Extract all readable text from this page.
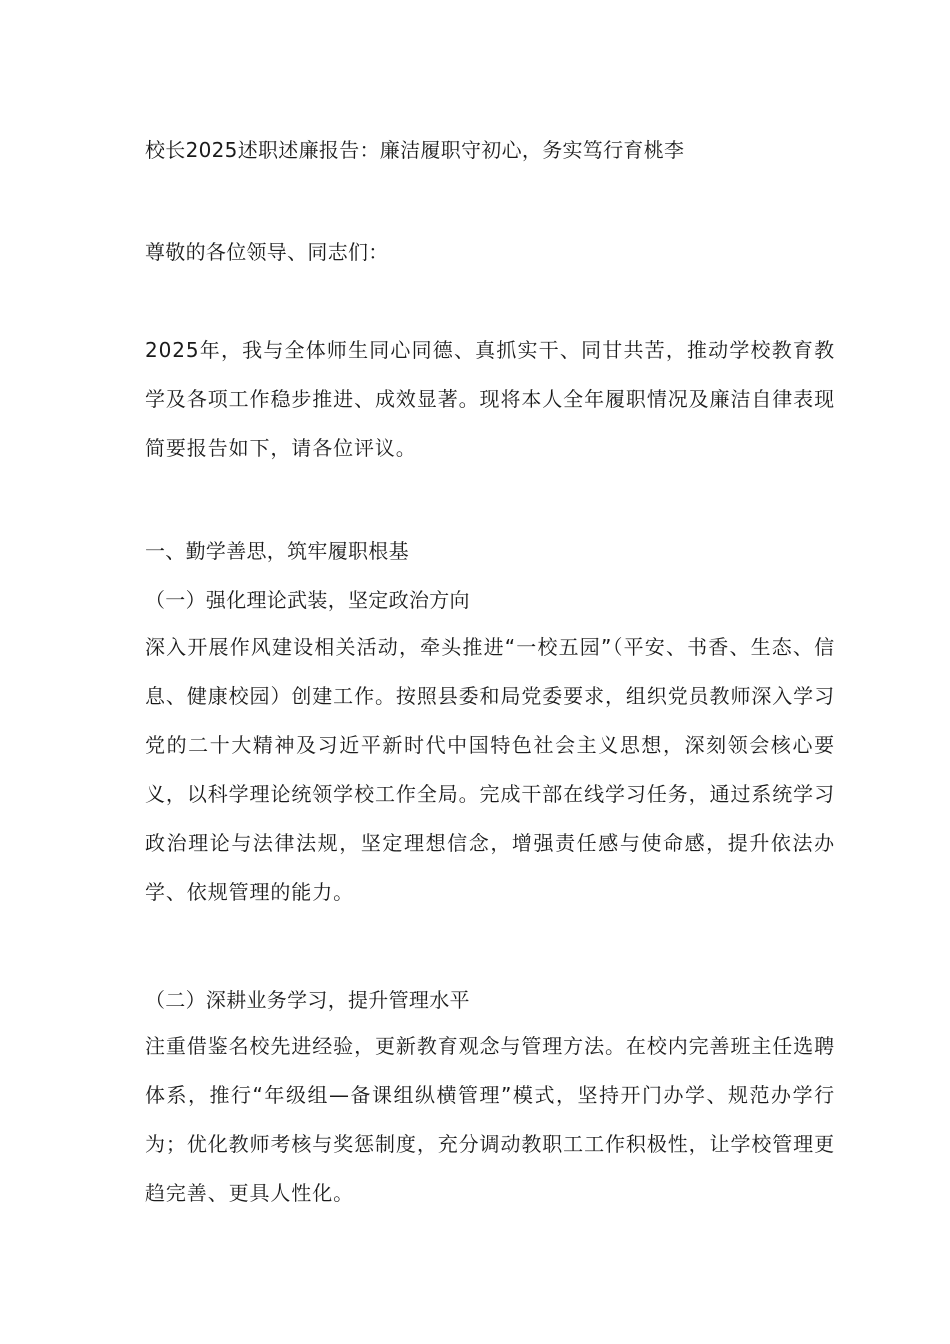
校长2025述职述廉报告：廉洁履职守初心，务实笃行育桃李
尊敬的各位领导、同志们：
2025年，我与全体师生同心同德、真抓实干、同甘共苦，推动学校教育教学及各项工作稳步推进、成效显著。现将本人全年履职情况及廉洁自律表现简要报告如下，请各位评议。
一、勤学善思，筑牢履职根基
（一）强化理论武装，坚定政治方向
深入开展作风建设相关活动，牵头推进“一校五园”（平安、书香、生态、信息、健康校园）创建工作。按照县委和局党委要求，组织党员教师深入学习党的二十大精神及习近平新时代中国特色社会主义思想，深刻领会核心要义，以科学理论统领学校工作全局。完成干部在线学习任务，通过系统学习政治理论与法律法规，坚定理想信念，增强责任感与使命感，提升依法办学、依规管理的能力。
（二）深耕业务学习，提升管理水平
注重借鉴名校先进经验，更新教育观念与管理方法。在校内完善班主任选聘体系，推行“年级组—备课组纵横管理”模式，坚持开门办学、规范办学行为；优化教师考核与奖惩制度，充分调动教职工工作积极性，让学校管理更趋完善、更具人性化。
